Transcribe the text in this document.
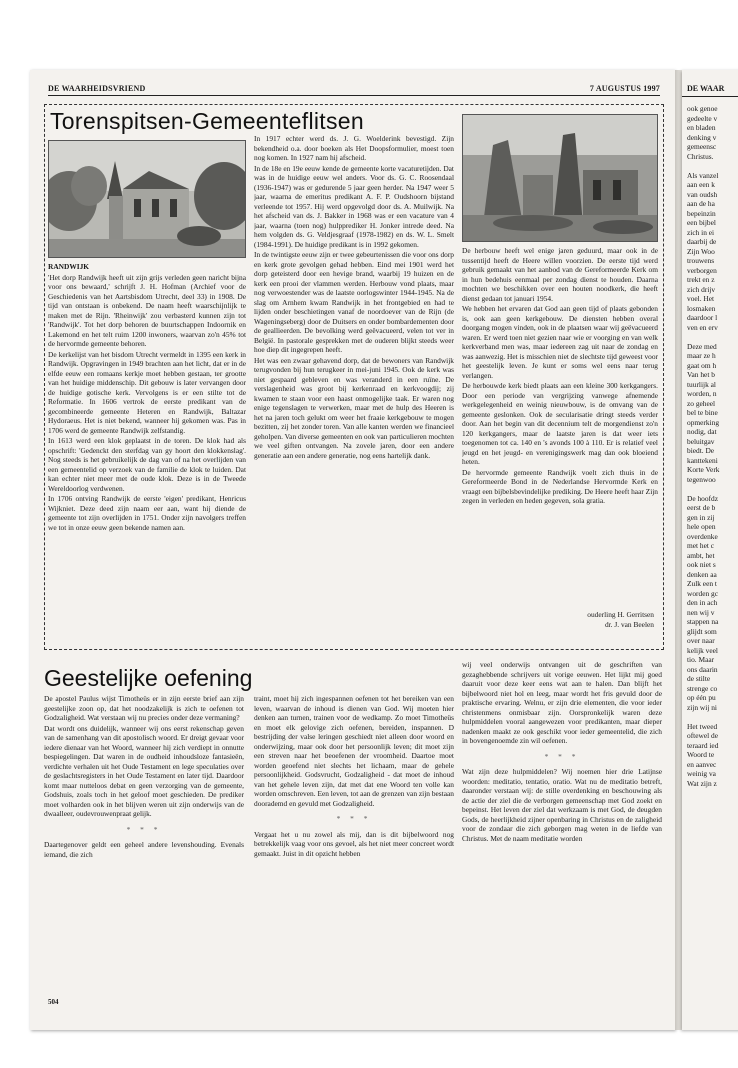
DE WAARHEIDSVRIEND	7 AUGUSTUS 1997
Torenspitsen-Gemeenteflitsen

RANDWIJK

'Het dorp Randwijk heeft uit zijn grijs verleden geen naricht bijna voor ons bewaard,' schrijft J. H. Hofman (Archief voor de Geschiedenis van het Aartsbisdom Utrecht, deel 33) in 1908. De tijd van ontstaan is onbekend. De naam heeft waarschijnlijk te maken met de Rijn. 'Rheinwijk' zou verbasterd kunnen zijn tot 'Randwijk'. Tot het dorp behoren de buurtschappen Indoornik en Lakemond en het telt ruim 1200 inwoners, waarvan zo'n 45% tot de hervormde gemeente behoren.

De kerkelijst van het bisdom Utrecht vermeldt in 1395 een kerk in Randwijk. Opgravingen in 1949 brachten aan het licht, dat er in de elfde eeuw een romaans kerkje moet hebben gestaan, ter grootte van het huidige middenschip. Dit gebouw is later vervangen door de huidige gotische kerk. Vervolgens is er een stilte tot de Reformatie. In 1606 vertrok de eerste predikant van de gecombineerde gemeente Heteren en Randwijk, Baltazar Hydoraeus. Het is niet bekend, wanneer hij gekomen was. Pas in 1706 werd de gemeente Randwijk zelfstandig.

In 1613 werd een klok geplaatst in de toren. De klok had als opschrift: 'Gedenckt den sterfdag van gy hoort den klokkenslag'. Nog steeds is het gebruikelijk de dag van of na het overlijden van een gemeentelid op verzoek van de familie de klok te luiden. Dat kan echter niet meer met de oude klok. Deze is in de Tweede Wereldoorlog verdwenen.

In 1706 ontving Randwijk de eerste 'eigen' predikant, Henricus Wijkniet. Deze deed zijn naam eer aan, want hij diende de gemeente tot zijn overlijden in 1751. Onder zijn navolgers treffen we tot in onze eeuw geen bekende namen aan.

In 1917 echter werd ds. J. G. Woelderink bevestigd. Zijn bekendheid o.a. door boeken als Het Doopsformulier, moest toen nog komen. In 1927 nam hij afscheid.

In de 18e en 19e eeuw kende de gemeente korte vacaturetijden. Dat was in de huidige eeuw wel anders. Voor ds. G. C. Roosendaal (1936-1947) was er gedurende 5 jaar geen herder. Na 1947 weer 5 jaar, waarna de emeritus predikant A. F. P. Oudshoorn bijstand verleende tot 1957. Hij werd opgevolgd door ds. A. Muilwijk. Na het afscheid van ds. J. Bakker in 1968 was er een vacature van 4 jaar, waarna (toen nog) hulpprediker H. Jonker intrede deed. Na hem volgden ds. G. Veldjesgraaf (1978-1982) en ds. W. L. Smelt (1984-1991). De huidige predikant is in 1992 gekomen.

In de twintigste eeuw zijn er twee gebeurtenissen die voor ons dorp en kerk grote gevolgen gehad hebben. Eind mei 1901 werd het dorp geteisterd door een hevige brand, waarbij 19 huizen en de kerk een prooi der vlammen werden. Herbouw vond plaats, maar nog verwoestender was de laatste oorlogswinter 1944-1945. Na de slag om Arnhem kwam Randwijk in het frontgebied en had te lijden onder beschietingen vanaf de noordoever van de Rijn (de Wageningseberg) door de Duitsers en onder bombardementen door de geallieerden. De bevolking werd geëvacueerd, velen tot ver in België. In pastorale gesprekken met de ouderen blijkt steeds weer hoe diep dit ingegrepen heeft.

Het was een zwaar gehavend dorp, dat de bewoners van Randwijk terugvonden bij hun terugkeer in mei-juni 1945. Ook de kerk was niet gespaard gebleven en was veranderd in een ruïne. De verslagenheid was groot bij kerkenraad en kerkvoogdij; zij kwamen te staan voor een haast onmogelijke taak. Er waren nog enige tegenslagen te verwerken, maar met de hulp des Heeren is het na jaren toch gelukt om weer het fraaie kerkgebouw te mogen bezitten, zij het zonder toren. Van alle kanten werden we financieel geholpen. Van diverse gemeenten en ook van particulieren mochten we veel giften ontvangen. Na zovele jaren, door een andere generatie aan een andere generatie, nog eens hartelijk dank.

De herbouw heeft wel enige jaren geduurd, maar ook in de tussentijd heeft de Heere willen voorzien. De eerste tijd werd gebruik gemaakt van het aanbod van de Gereformeerde Kerk om in hun bedehuis eenmaal per zondag dienst te houden. Daarna mochten we beschikken over een houten noodkerk, die heeft dienst gedaan tot januari 1954.

We hebben het ervaren dat God aan geen tijd of plaats gebonden is, ook aan geen kerkgebouw. De diensten hebben overal doorgang mogen vinden, ook in de plaatsen waar wij geëvacueerd waren. Er werd toen niet gezien naar wie er voorging en van welk kerkverband men was, maar iedereen zag uit naar de zondag en was aanwezig. Het is misschien niet de slechtste tijd geweest voor het geestelijk leven. Je kunt er soms wel eens naar terug verlangen.

De herbouwde kerk biedt plaats aan een kleine 300 kerkgangers. Door een periode van vergrijzing vanwege afnemende werkgelegenheid en weinig nieuwbouw, is de omvang van de gemeente geslonken. Ook de secularisatie dringt steeds verder door. Aan het begin van dit decennium telt de morgendienst zo'n 120 kerkgangers, maar de laatste jaren is dat weer iets toegenomen tot ca. 140 en 's avonds 100 à 110. Er is relatief veel jeugd en het jeugd- en verenigingswerk mag dan ook bloeiend heten.

De hervormde gemeente Randwijk voelt zich thuis in de Gereformeerde Bond in de Nederlandse Hervormde Kerk en vraagt een bijbelsbevindelijke prediking. De Heere heeft haar Zijn zegen in verleden en heden gegeven, sola gratia.

ouderling H. Gerritsen
dr. J. van Beelen
Geestelijke oefening

De apostel Paulus wijst Timotheüs er in zijn eerste brief aan zijn geestelijke zoon op, dat het noodzakelijk is zich te oefenen tot Godzaligheid. Wat verstaan wij nu precies onder deze vermaning?

Dat wordt ons duidelijk, wanneer wij ons eerst rekenschap geven van de samenhang van dit apostolisch woord. Er dreigt gevaar voor iedere dienaar van het Woord, wanneer hij zich verdiept in onnutte bespiegelingen. Dat waren in de oudheid inhoudsloze fantasieën, verdichte verhalen uit het Oude Testament en lege speculaties over de geslachtsregisters in het Oude Testament en later tijd. Daardoor komt maar nutteloos debat en geen verzorging van de gemeente, Godshuis, zoals toch in het geloof moet geschieden. De prediker moet volharden ook in het blijven weren uit zijn onderwijs van de dwaalleer, oudevrouwenpraat gelijk.

* * *

Daartegenover geldt een geheel andere levenshouding. Evenals iemand, die zich

traint, moet hij zich ingespannen oefenen tot het bereiken van een leven, waarvan de inhoud is dienen van God. Wij moeten hier denken aan turnen, trainen voor de wedkamp. Zo moet Timotheüs en moet elk gelovige zich oefenen, bereiden, inspannen. D bestrijding der valse leringen geschiedt niet alleen door woord en onderwijzing, maar ook door het persoonlijk leven; dit moet zijn een streven naar het beoefenen der vroomheid. Daartoe moet worden geoefend niet slechts het lichaam, maar de gehele persoonlijkheid. Godsvrucht, Godzaligheid - dat moet de inhoud van het gehele leven zijn, dat met dat ene Woord ten volle kan worden omschreven. Een leven, tot aan de grenzen van zijn bestaan doorademd en gevuld met Godzaligheid.

* * *

Vergaat het u nu zowel als mij, dan is dit bijbelwoord nog betrekkelijk vaag voor ons gevoel, als het niet meer concreet wordt gemaakt. Juist in dit opzicht hebben

wij veel onderwijs ontvangen uit de geschriften van gezaghebbende schrijvers uit vorige eeuwen. Het lijkt mij goed daaruit voor deze keer eens wat aan te halen. Dan blijft het bijbelwoord niet hol en leeg, maar wordt het fris gevuld door de praktische ervaring. Welnu, er zijn drie elementen, die voor ieder christenmens onmisbaar zijn. Oorspronkelijk waren deze hulpmiddelen vooral aangewezen voor predikanten, maar dieper nadenken maakt ze ook geschikt voor ieder gemeentelid, die zich in bovengenoemde zin wil oefenen.

* * *

Wat zijn deze hulpmiddelen? Wij noemen hier drie Latijnse woorden: meditatio, tentatio, oratio. Wat nu de meditatio betreft, daaronder verstaan wij: de stille overdenking en beschouwing als de actie der ziel die de verborgen gemeenschap met God zoekt en bepeinst. Het leven der ziel dat werkzaam is met God, de deugden Gods, de heerlijkheid zijner openbaring in Christus en de zaligheid voor de zondaar die zich geborgen mag weten in de liefde van Christus. Met de naam meditatie worden

504
DE WAAR
ook genoe
gedeelte v
en bladen
denking v
gemeensc
Christus.
Als vanzel
aan een k
van oudsh
aan de ha
bepeinzin
een bijbel
zich in ei
daarbij de
Zijn Woo
trouwens
verborgen
trekt en z
zich drijv
voel. Het
losmaken
daardoor l
ven en erv
Deze med
maar ze h
gaat om h
Van het b
tuurlijk al
worden, n
zo geheel
bel te bine
opmerking
nodig, dat
beluitgav
biedt. De
kanttekeni
Korte Verk
tegenwoo
De hoofdz
eerst de b
gen in zij
hele open
overdenke
met het c
ambt, het
ook niet s
denken aa
Zulk een t
worden gc
den in ach
nen wij v
stappen na
glijdt som
over naar
kelijk veel
tio. Maar
ons daarin
de stilte
strenge co
op één pu
zijn wij ni
Het tweed
oftewel de
teraard ied
Woord te
en aanvec
weinig va
Wat zijn z
